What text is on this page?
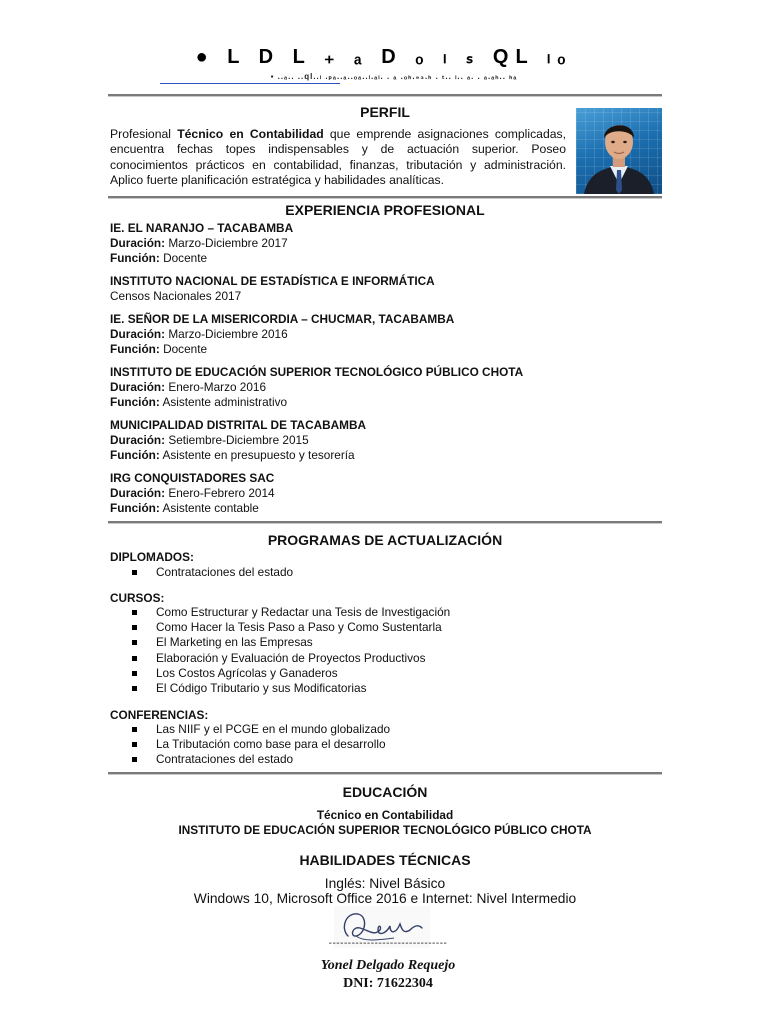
● L D L ₊ ₐ D ₒ ₗ ₛ QL ₗₒ
▪ ..ₐ.. ..ql..ₗ .ₚₐ..ₐ..ₒₐ..ₗ.ₐₗ. . ₐ .ₒₕ.₉₃.ₕ . ₜ.. ₗ.. ₐ. . ₐ.ₐₕ.. ₕₐ
PERFIL
Profesional Técnico en Contabilidad que emprende asignaciones complicadas, encuentra fechas topes indispensables y de actuación superior. Poseo conocimientos prácticos en contabilidad, finanzas, tributación y administración. Aplico fuerte planificación estratégica y habilidades analíticas.
EXPERIENCIA PROFESIONAL
IE. EL NARANJO – TACABAMBA
Duración: Marzo-Diciembre 2017
Función: Docente
INSTITUTO NACIONAL DE ESTADÍSTICA E INFORMÁTICA
Censos Nacionales 2017
IE. SEÑOR DE LA MISERICORDIA – CHUCMAR, TACABAMBA
Duración: Marzo-Diciembre 2016
Función: Docente
INSTITUTO DE EDUCACIÓN SUPERIOR TECNOLÓGICO PÚBLICO CHOTA
Duración: Enero-Marzo 2016
Función: Asistente administrativo
MUNICIPALIDAD DISTRITAL DE TACABAMBA
Duración: Setiembre-Diciembre 2015
Función: Asistente en presupuesto y tesorería
IRG CONQUISTADORES SAC
Duración: Enero-Febrero 2014
Función: Asistente contable
PROGRAMAS DE ACTUALIZACIÓN
DIPLOMADOS:
Contrataciones del estado
CURSOS:
Como Estructurar y Redactar una Tesis de Investigación
Como Hacer la Tesis Paso a Paso y Como Sustentarla
El Marketing en las Empresas
Elaboración y Evaluación de Proyectos Productivos
Los Costos Agrícolas y Ganaderos
El Código Tributario y sus Modificatorias
CONFERENCIAS:
Las NIIF y el PCGE en el mundo globalizado
La Tributación como base para el desarrollo
Contrataciones del estado
EDUCACIÓN
Técnico en Contabilidad
INSTITUTO DE EDUCACIÓN SUPERIOR TECNOLÓGICO PÚBLICO CHOTA
HABILIDADES TÉCNICAS
Inglés: Nivel Básico
Windows 10, Microsoft Office 2016 e Internet: Nivel Intermedio
-------------------------------
Yonel Delgado Requejo
DNI: 71622304
